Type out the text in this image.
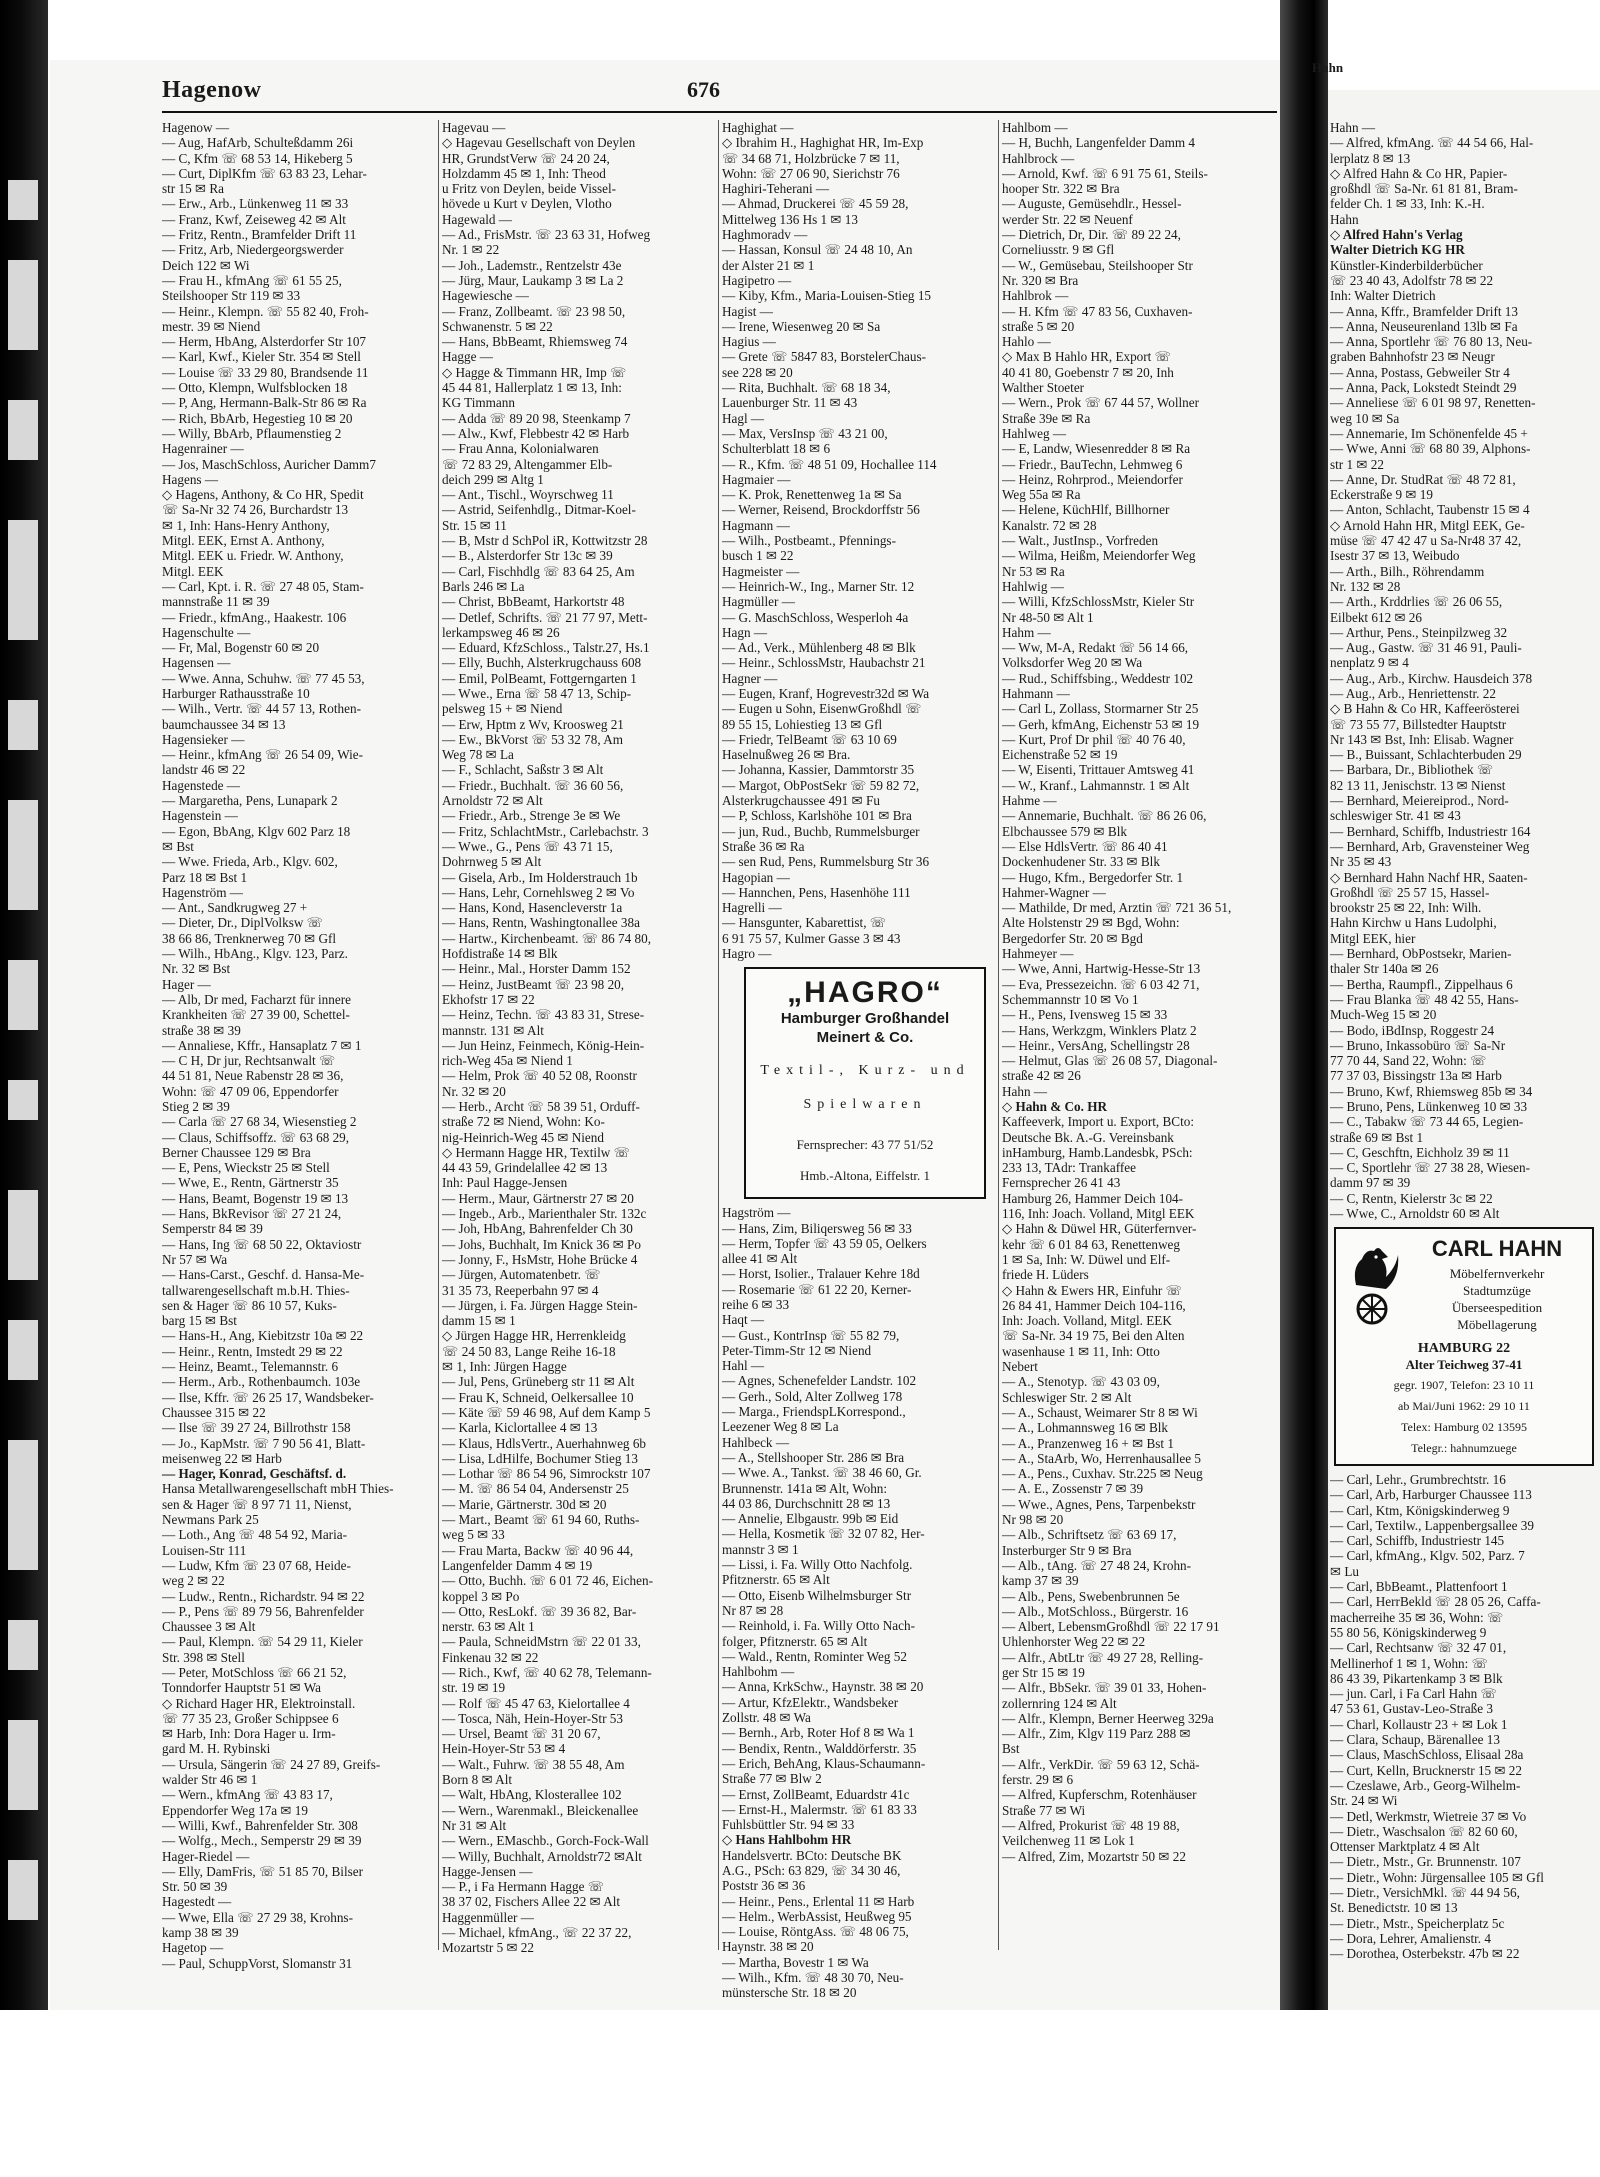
Hahn
Hagenow	676
Hagenow —
— Aug, HafArb, Schulteßdamm 26i
— C, Kfm ☏ 68 53 14, Hikeberg 5
— Curt, DiplKfm ☏ 63 83 23, Lehar-
str 15 ✉ Ra
— Erw., Arb., Lünkenweg 11 ✉ 33
— Franz, Kwf, Zeiseweg 42 ✉ Alt
— Fritz, Rentn., Bramfelder Drift 11
— Fritz, Arb, Niedergeorgswerder
Deich 122 ✉ Wi
— Frau H., kfmAng ☏ 61 55 25,
Steilshooper Str 119 ✉ 33
— Heinr., Klempn. ☏ 55 82 40, Froh-
mestr. 39 ✉ Niend
— Herm, HbAng, Alsterdorfer Str 107
— Karl, Kwf., Kieler Str. 354 ✉ Stell
— Louise ☏ 33 29 80, Brandsende 11
— Otto, Klempn, Wulfsblocken 18
— P, Ang, Hermann-Balk-Str 86 ✉ Ra
— Rich, BbArb, Hegestieg 10 ✉ 20
— Willy, BbArb, Pflaumenstieg 2
Hagenrainer —
— Jos, MaschSchloss, Auricher Damm7
Hagens —
◇ Hagens, Anthony, & Co HR, Spedit
☏ Sa-Nr 32 74 26, Burchardstr 13
✉ 1, Inh: Hans-Henry Anthony,
Mitgl. EEK, Ernst A. Anthony,
Mitgl. EEK u. Friedr. W. Anthony,
Mitgl. EEK
— Carl, Kpt. i. R. ☏ 27 48 05, Stam-
mannstraße 11 ✉ 39
— Friedr., kfmAng., Haakestr. 106
Hagenschulte —
— Fr, Mal, Bogenstr 60 ✉ 20
Hagensen —
— Wwe. Anna, Schuhw. ☏ 77 45 53,
Harburger Rathausstraße 10
— Wilh., Vertr. ☏ 44 57 13, Rothen-
baumchaussee 34 ✉ 13
Hagensieker —
— Heinr., kfmAng ☏ 26 54 09, Wie-
landstr 46 ✉ 22
Hagenstede —
— Margaretha, Pens, Lunapark 2
Hagenstein —
— Egon, BbAng, Klgv 602 Parz 18
✉ Bst
— Wwe. Frieda, Arb., Klgv. 602,
Parz 18 ✉ Bst 1
Hagenström —
— Ant., Sandkrugweg 27 +
— Dieter, Dr., DiplVolksw ☏
38 66 86, Trenknerweg 70 ✉ Gfl
— Wilh., HbAng., Klgv. 123, Parz.
Nr. 32 ✉ Bst
Hager —
— Alb, Dr med, Facharzt für innere
Krankheiten ☏ 27 39 00, Schettel-
straße 38 ✉ 39
— Annaliese, Kffr., Hansaplatz 7 ✉ 1
— C H, Dr jur, Rechtsanwalt ☏
44 51 81, Neue Rabenstr 28 ✉ 36,
Wohn: ☏ 47 09 06, Eppendorfer
Stieg 2 ✉ 39
— Carla ☏ 27 68 34, Wiesenstieg 2
— Claus, Schiffsoffz. ☏ 63 68 29,
Berner Chaussee 129 ✉ Bra
— E, Pens, Wieckstr 25 ✉ Stell
— Wwe, E., Rentn, Gärtnerstr 35
— Hans, Beamt, Bogenstr 19 ✉ 13
— Hans, BkRevisor ☏ 27 21 24,
Semperstr 84 ✉ 39
— Hans, Ing ☏ 68 50 22, Oktaviostr
Nr 57 ✉ Wa
— Hans-Carst., Geschf. d. Hansa-Me-
tallwarengesellschaft m.b.H. Thies-
sen & Hager ☏ 86 10 57, Kuks-
barg 15 ✉ Bst
— Hans-H., Ang, Kiebitzstr 10a ✉ 22
— Heinr., Rentn, Imstedt 29 ✉ 22
— Heinz, Beamt., Telemannstr. 6
— Herm., Arb., Rothenbaumch. 103e
— Ilse, Kffr. ☏ 26 25 17, Wandsbeker-
Chaussee 315 ✉ 22
— Ilse ☏ 39 27 24, Billrothstr 158
— Jo., KapMstr. ☏ 7 90 56 41, Blatt-
meisenweg 22 ✉ Harb
— Hager, Konrad, Geschäftsf. d.
Hansa Metallwarengesellschaft mbH Thies-
sen & Hager ☏ 8 97 71 11, Nienst,
Newmans Park 25
— Loth., Ang ☏ 48 54 92, Maria-
Louisen-Str 111
— Ludw, Kfm ☏ 23 07 68, Heide-
weg 2 ✉ 22
— Ludw., Rentn., Richardstr. 94 ✉ 22
— P., Pens ☏ 89 79 56, Bahrenfelder
Chaussee 3 ✉ Alt
— Paul, Klempn. ☏ 54 29 11, Kieler
Str. 398 ✉ Stell
— Peter, MotSchloss ☏ 66 21 52,
Tonndorfer Hauptstr 51 ✉ Wa
◇ Richard Hager HR, Elektroinstall.
☏ 77 35 23, Großer Schippsee 6
✉ Harb, Inh: Dora Hager u. Irm-
gard M. H. Rybinski
— Ursula, Sängerin ☏ 24 27 89, Greifs-
walder Str 46 ✉ 1
— Wern., kfmAng ☏ 43 83 17,
Eppendorfer Weg 17a ✉ 19
— Willi, Kwf., Bahrenfelder Str. 308
— Wolfg., Mech., Semperstr 29 ✉ 39
Hager-Riedel —
— Elly, DamFris, ☏ 51 85 70, Bilser
Str. 50 ✉ 39
Hagestedt —
— Wwe, Ella ☏ 27 29 38, Krohns-
kamp 38 ✉ 39
Hagetop —
— Paul, SchuppVorst, Slomanstr 31
Hagevau —
◇ Hagevau Gesellschaft von Deylen
HR, GrundstVerw ☏ 24 20 24,
Holzdamm 45 ✉ 1, Inh: Theod
u Fritz von Deylen, beide Vissel-
hövede u Kurt v Deylen, Vlotho
Hagewald —
— Ad., FrisMstr. ☏ 23 63 31, Hofweg
Nr. 1 ✉ 22
— Joh., Lademstr., Rentzelstr 43e
— Jürg, Maur, Laukamp 3 ✉ La 2
Hagewiesche —
— Franz, Zollbeamt. ☏ 23 98 50,
Schwanenstr. 5 ✉ 22
— Hans, BbBeamt, Rhiemsweg 74
Hagge —
◇ Hagge & Timmann HR, Imp ☏
45 44 81, Hallerplatz 1 ✉ 13, Inh:
KG Timmann
— Adda ☏ 89 20 98, Steenkamp 7
— Alw., Kwf, Flebbestr 42 ✉ Harb
— Frau Anna, Kolonialwaren
☏ 72 83 29, Altengammer Elb-
deich 299 ✉ Altg 1
— Ant., Tischl., Woyrschweg 11
— Astrid, Seifenhdlg., Ditmar-Koel-
Str. 15 ✉ 11
— B, Mstr d SchPol iR, Kottwitzstr 28
— B., Alsterdorfer Str 13c ✉ 39
— Carl, Fischhdlg ☏ 83 64 25, Am
Barls 246 ✉ La
— Christ, BbBeamt, Harkortstr 48
— Detlef, Schrifts. ☏ 21 77 97, Mett-
lerkampsweg 46 ✉ 26
— Eduard, KfzSchloss., Talstr.27, Hs.1
— Elly, Buchh, Alsterkrugchauss 608
— Emil, PolBeamt, Fottgerngarten 1
— Wwe., Erna ☏ 58 47 13, Schip-
pelsweg 15 + ✉ Niend
— Erw, Hptm z Wv, Kroosweg 21
— Ew., BkVorst ☏ 53 32 78, Am
Weg 78 ✉ La
— F., Schlacht, Saßstr 3 ✉ Alt
— Friedr., Buchhalt. ☏ 36 60 56,
Arnoldstr 72 ✉ Alt
— Friedr., Arb., Strenge 3e ✉ We
— Fritz, SchlachtMstr., Carlebachstr. 3
— Wwe., G., Pens ☏ 43 71 15,
Dohrnweg 5 ✉ Alt
— Gisela, Arb., Im Holderstrauch 1b
— Hans, Lehr, Cornehlsweg 2 ✉ Vo
— Hans, Kond, Hasencleverstr 1a
— Hans, Rentn, Washingtonallee 38a
— Hartw., Kirchenbeamt. ☏ 86 74 80,
Hofdistraße 14 ✉ Blk
— Heinr., Mal., Horster Damm 152
— Heinz, JustBeamt ☏ 23 98 20,
Ekhofstr 17 ✉ 22
— Heinz, Techn. ☏ 43 83 31, Strese-
mannstr. 131 ✉ Alt
— Jun Heinz, Feinmech, König-Hein-
rich-Weg 45a ✉ Niend 1
— Helm, Prok ☏ 40 52 08, Roonstr
Nr. 32 ✉ 20
— Herb., Archt ☏ 58 39 51, Orduff-
straße 72 ✉ Niend, Wohn: Ko-
nig-Heinrich-Weg 45 ✉ Niend
◇ Hermann Hagge HR, Textilw ☏
44 43 59, Grindelallee 42 ✉ 13
Inh: Paul Hagge-Jensen
— Herm., Maur, Gärtnerstr 27 ✉ 20
— Ingeb., Arb., Marienthaler Str. 132c
— Joh, HbAng, Bahrenfelder Ch 30
— Johs, Buchhalt, Im Knick 36 ✉ Po
— Jonny, F., HsMstr, Hohe Brücke 4
— Jürgen, Automatenbetr. ☏
31 35 73, Reeperbahn 97 ✉ 4
— Jürgen, i. Fa. Jürgen Hagge Stein-
damm 15 ✉ 1
◇ Jürgen Hagge HR, Herrenkleidg
☏ 24 50 83, Lange Reihe 16-18
✉ 1, Inh: Jürgen Hagge
— Jul, Pens, Grüneberg str 11 ✉ Alt
— Frau K, Schneid, Oelkersallee 10
— Käte ☏ 59 46 98, Auf dem Kamp 5
— Karla, Kiclortallee 4 ✉ 13
— Klaus, HdlsVertr., Auerhahnweg 6b
— Lisa, LdHilfe, Bochumer Stieg 13
— Lothar ☏ 86 54 96, Simrockstr 107
— M. ☏ 86 54 04, Andersenstr 25
— Marie, Gärtnerstr. 30d ✉ 20
— Mart., Beamt ☏ 61 94 60, Ruths-
weg 5 ✉ 33
— Frau Marta, Backw ☏ 40 96 44,
Langenfelder Damm 4 ✉ 19
— Otto, Buchh. ☏ 6 01 72 46, Eichen-
koppel 3 ✉ Po
— Otto, ResLokf. ☏ 39 36 82, Bar-
nerstr. 63 ✉ Alt 1
— Paula, SchneidMstrn ☏ 22 01 33,
Finkenau 32 ✉ 22
— Rich., Kwf, ☏ 40 62 78, Telemann-
str. 19 ✉ 19
— Rolf ☏ 45 47 63, Kielortallee 4
— Tosca, Näh, Hein-Hoyer-Str 53
— Ursel, Beamt ☏ 31 20 67,
Hein-Hoyer-Str 53 ✉ 4
— Walt., Fuhrw. ☏ 38 55 48, Am
Born 8 ✉ Alt
— Walt, HbAng, Klosterallee 102
— Wern., Warenmakl., Bleickenallee
Nr 31 ✉ Alt
— Wern., EMaschb., Gorch-Fock-Wall
— Willy, Buchhalt, Arnoldstr72 ✉Alt
Hagge-Jensen —
— P., i Fa Hermann Hagge ☏
38 37 02, Fischers Allee 22 ✉ Alt
Haggenmüller —
— Michael, kfmAng., ☏ 22 37 22,
Mozartstr 5 ✉ 22
Haghighat —
◇ Ibrahim H., Haghighat HR, Im-Exp
☏ 34 68 71, Holzbrücke 7 ✉ 11,
Wohn: ☏ 27 06 90, Sierichstr 76
Haghiri-Teherani —
— Ahmad, Druckerei ☏ 45 59 28,
Mittelweg 136 Hs 1 ✉ 13
Haghmoradv —
— Hassan, Konsul ☏ 24 48 10, An
der Alster 21 ✉ 1
Hagipetro —
— Kiby, Kfm., Maria-Louisen-Stieg 15
Hagist —
— Irene, Wiesenweg 20 ✉ Sa
Hagius —
— Grete ☏ 5847 83, BorstelerChaus-
see 228 ✉ 20
— Rita, Buchhalt. ☏ 68 18 34,
Lauenburger Str. 11 ✉ 43
Hagl —
— Max, VersInsp ☏ 43 21 00,
Schulterblatt 18 ✉ 6
— R., Kfm. ☏ 48 51 09, Hochallee 114
Hagmaier —
— K. Prok, Renettenweg 1a ✉ Sa
— Werner, Reisend, Brockdorffstr 56
Hagmann —
— Wilh., Postbeamt., Pfennings-
busch 1 ✉ 22
Hagmeister —
— Heinrich-W., Ing., Marner Str. 12
Hagmüller —
— G. MaschSchloss, Wesperloh 4a
Hagn —
— Ad., Verk., Mühlenberg 48 ✉ Blk
— Heinr., SchlossMstr, Haubachstr 21
Hagner —
— Eugen, Kranf, Hogrevestr32d ✉ Wa
— Eugen u Sohn, EisenwGroßhdl ☏
89 55 15, Lohiestieg 13 ✉ Gfl
— Friedr, TelBeamt ☏ 63 10 69
Haselnußweg 26 ✉ Bra.
— Johanna, Kassier, Dammtorstr 35
— Margot, ObPostSekr ☏ 59 82 72,
Alsterkrugchaussee 491 ✉ Fu
— P, Schloss, Karlshöhe 101 ✉ Bra
— jun, Rud., Buchb, Rummelsburger
Straße 36 ✉ Ra
— sen Rud, Pens, Rummelsburg Str 36
Hagopian —
— Hannchen, Pens, Hasenhöhe 111
Hagrelli —
— Hansgunter, Kabarettist, ☏
6 91 75 57, Kulmer Gasse 3 ✉ 43
Hagro —
„HAGRO“
Hamburger Großhandel
Meinert & Co.
Textil-, Kurz- und
Spielwaren
Fernsprecher: 43 77 51/52
Hmb.-Altona, Eiffelstr. 1
Hagström —
— Hans, Zim, Biliqersweg 56 ✉ 33
— Herm, Topfer ☏ 43 59 05, Oelkers
allee 41 ✉ Alt
— Horst, Isolier., Tralauer Kehre 18d
— Rosemarie ☏ 61 22 20, Kerner-
reihe 6 ✉ 33
Haqt —
— Gust., KontrInsp ☏ 55 82 79,
Peter-Timm-Str 12 ✉ Niend
Hahl —
— Agnes, Schenefelder Landstr. 102
— Gerh., Sold, Alter Zollweg 178
— Marga., FriendspLKorrespond.,
Leezener Weg 8 ✉ La
Hahlbeck —
— A., Stellshooper Str. 286 ✉ Bra
— Wwe. A., Tankst. ☏ 38 46 60, Gr.
Brunnenstr. 141a ✉ Alt, Wohn:
44 03 86, Durchschnitt 28 ✉ 13
— Annelie, Elbgaustr. 99b ✉ Eid
— Hella, Kosmetik ☏ 32 07 82, Her-
mannstr 3 ✉ 1
— Lissi, i. Fa. Willy Otto Nachfolg.
Pfitznerstr. 65 ✉ Alt
— Otto, Eisenb Wilhelmsburger Str
Nr 87 ✉ 28
— Reinhold, i. Fa. Willy Otto Nach-
folger, Pfitznerstr. 65 ✉ Alt
— Wald., Rentn, Rominter Weg 52
Hahlbohm —
— Anna, KrkSchw., Haynstr. 38 ✉ 20
— Artur, KfzElektr., Wandsbeker
Zollstr. 48 ✉ Wa
— Bernh., Arb, Roter Hof 8 ✉ Wa 1
— Bendix, Rentn., Walddörferstr. 35
— Erich, BehAng, Klaus-Schaumann-
Straße 77 ✉ Blw 2
— Ernst, ZollBeamt, Eduardstr 41c
— Ernst-H., Malermstr. ☏ 61 83 33
Fuhlsbüttler Str. 94 ✉ 33
◇ Hans Hahlbohm HR
Handelsvertr. BCto: Deutsche BK
A.G., PSch: 63 829, ☏ 34 30 46,
Poststr 36 ✉ 36
— Heinr., Pens., Erlental 11 ✉ Harb
— Helm., WerbAssist, Heußweg 95
— Louise, RöntgAss. ☏ 48 06 75,
Haynstr. 38 ✉ 20
— Martha, Bovestr 1 ✉ Wa
— Wilh., Kfm. ☏ 48 30 70, Neu-
münstersche Str. 18 ✉ 20
Hahlbom —
— H, Buchh, Langenfelder Damm 4
Hahlbrock —
— Arnold, Kwf. ☏ 6 91 75 61, Steils-
hooper Str. 322 ✉ Bra
— Auguste, Gemüsehdlr., Hessel-
werder Str. 22 ✉ Neuenf
— Dietrich, Dr, Dir. ☏ 89 22 24,
Corneliusstr. 9 ✉ Gfl
— W., Gemüsebau, Steilshooper Str
Nr. 320 ✉ Bra
Hahlbrok —
— H. Kfm ☏ 47 83 56, Cuxhaven-
straße 5 ✉ 20
Hahlo —
◇ Max B Hahlo HR, Export ☏
40 41 80, Goebenstr 7 ✉ 20, Inh
Walther Stoeter
— Wern., Prok ☏ 67 44 57, Wollner
Straße 39e ✉ Ra
Hahlweg —
— E, Landw, Wiesenredder 8 ✉ Ra
— Friedr., BauTechn, Lehmweg 6
— Heinz, Rohrprod., Meiendorfer
Weg 55a ✉ Ra
— Helene, KüchHlf, Billhorner
Kanalstr. 72 ✉ 28
— Walt., JustInsp., Vorfreden
— Wilma, Heißm, Meiendorfer Weg
Nr 53 ✉ Ra
Hahlwig —
— Willi, KfzSchlossMstr, Kieler Str
Nr 48-50 ✉ Alt 1
Hahm —
— Ww, M-A, Redakt ☏ 56 14 66,
Volksdorfer Weg 20 ✉ Wa
— Rud., Schiffsbing., Weddestr 102
Hahmann —
— Carl L, Zollass, Stormarner Str 25
— Gerh, kfmAng, Eichenstr 53 ✉ 19
— Kurt, Prof Dr phil ☏ 40 76 40,
Eichenstraße 52 ✉ 19
— W, Eisenti, Trittauer Amtsweg 41
— W., Kranf., Lahmannstr. 1 ✉ Alt
Hahme —
— Annemarie, Buchhalt. ☏ 86 26 06,
Elbchaussee 579 ✉ Blk
— Else HdlsVertr. ☏ 86 40 41
Dockenhudener Str. 33 ✉ Blk
— Hugo, Kfm., Bergedorfer Str. 1
Hahmer-Wagner —
— Mathilde, Dr med, Arztin ☏ 721 36 51,
Alte Holstenstr 29 ✉ Bgd, Wohn:
Bergedorfer Str. 20 ✉ Bgd
Hahmeyer —
— Wwe, Anni, Hartwig-Hesse-Str 13
— Eva, Pressezeichn. ☏ 6 03 42 71,
Schemmannstr 10 ✉ Vo 1
— H., Pens, Ivensweg 15 ✉ 33
— Hans, Werkzgm, Winklers Platz 2
— Heinr., VersAng, Schellingstr 28
— Helmut, Glas ☏ 26 08 57, Diagonal-
straße 42 ✉ 26
Hahn —
◇ Hahn & Co. HR
Kaffeeverk, Import u. Export, BCto:
Deutsche Bk. A.-G. Vereinsbank
inHamburg, Hamb.Landesbk, PSch:
233 13, TAdr: Trankaffee
Fernsprecher 26 41 43
Hamburg 26, Hammer Deich 104-
116, Inh: Joach. Volland, Mitgl EEK
◇ Hahn & Düwel HR, Güterfernver-
kehr ☏ 6 01 84 63, Renettenweg
1 ✉ Sa, Inh: W. Düwel und Elf-
friede H. Lüders
◇ Hahn & Ewers HR, Einfuhr ☏
26 84 41, Hammer Deich 104-116,
Inh: Joach. Volland, Mitgl. EEK
☏ Sa-Nr. 34 19 75, Bei den Alten
wasenhause 1 ✉ 11, Inh: Otto
Nebert
— A., Stenotyp. ☏ 43 03 09,
Schleswiger Str. 2 ✉ Alt
— A., Schaust, Weimarer Str 8 ✉ Wi
— A., Lohmannsweg 16 ✉ Blk
— A., Pranzenweg 16 + ✉ Bst 1
— A., StaArb, Wo, Herrenhausallee 5
— A., Pens., Cuxhav. Str.225 ✉ Neug
— A. E., Zossenstr 7 ✉ 39
— Wwe., Agnes, Pens, Tarpenbekstr
Nr 98 ✉ 20
— Alb., Schriftsetz ☏ 63 69 17,
Insterburger Str 9 ✉ Bra
— Alb., tAng. ☏ 27 48 24, Krohn-
kamp 37 ✉ 39
— Alb., Pens, Swebenbrunnen 5e
— Alb., MotSchloss., Bürgerstr. 16
— Albert, LebensmGroßhdl ☏ 22 17 91
Uhlenhorster Weg 22 ✉ 22
— Alfr., AbtLtr ☏ 49 27 28, Relling-
ger Str 15 ✉ 19
— Alfr., BbSekr. ☏ 39 01 33, Hohen-
zollernring 124 ✉ Alt
— Alfr., Klempn, Berner Heerweg 329a
— Alfr., Zim, Klgv 119 Parz 288 ✉
Bst
— Alfr., VerkDir. ☏ 59 63 12, Schä-
ferstr. 29 ✉ 6
— Alfred, Kupferschm, Rotenhäuser
Straße 77 ✉ Wi
— Alfred, Prokurist ☏ 48 19 88,
Veilchenweg 11 ✉ Lok 1
— Alfred, Zim, Mozartstr 50 ✉ 22
Hahn —
— Alfred, kfmAng. ☏ 44 54 66, Hal-
lerplatz 8 ✉ 13
◇ Alfred Hahn & Co HR, Papier-
großhdl ☏ Sa-Nr. 61 81 81, Bram-
felder Ch. 1 ✉ 33, Inh: K.-H.
Hahn
◇ Alfred Hahn's Verlag
Walter Dietrich KG HR
Künstler-Kinderbilderbücher
☏ 23 40 43, Adolfstr 78 ✉ 22
Inh: Walter Dietrich
— Anna, Kffr., Bramfelder Drift 13
— Anna, Neuseurenland 13lb ✉ Fa
— Anna, Sportlehr ☏ 76 80 13, Neu-
graben Bahnhofstr 23 ✉ Neugr
— Anna, Postass, Gebweiler Str 4
— Anna, Pack, Lokstedt Steindt 29
— Anneliese ☏ 6 01 98 97, Renetten-
weg 10 ✉ Sa
— Annemarie, Im Schönenfelde 45 +
— Wwe, Anni ☏ 68 80 39, Alphons-
str 1 ✉ 22
— Anne, Dr. StudRat ☏ 48 72 81,
Eckerstraße 9 ✉ 19
— Anton, Schlacht, Taubenstr 15 ✉ 4
◇ Arnold Hahn HR, Mitgl EEK, Ge-
müse ☏ 47 42 47 u Sa-Nr48 37 42,
Isestr 37 ✉ 13, Weibudo
— Arth., Bilh., Röhrendamm
Nr. 132 ✉ 28
— Arth., Krddrlies ☏ 26 06 55,
Eilbekt 612 ✉ 26
— Arthur, Pens., Steinpilzweg 32
— Aug., Gastw. ☏ 31 46 91, Pauli-
nenplatz 9 ✉ 4
— Aug., Arb., Kirchw. Hausdeich 378
— Aug., Arb., Henriettenstr. 22
◇ B Hahn & Co HR, Kaffeerösterei
☏ 73 55 77, Billstedter Hauptstr
Nr 143 ✉ Bst, Inh: Elisab. Wagner
— B., Buissant, Schlachterbuden 29
— Barbara, Dr., Bibliothek ☏
82 13 11, Jenischstr. 13 ✉ Nienst
— Bernhard, Meiereiprod., Nord-
schleswiger Str. 41 ✉ 43
— Bernhard, Schiffb, Industriestr 164
— Bernhard, Arb, Gravensteiner Weg
Nr 35 ✉ 43
◇ Bernhard Hahn Nachf HR, Saaten-
Großhdl ☏ 25 57 15, Hassel-
brookstr 25 ✉ 22, Inh: Wilh.
Hahn Kirchw u Hans Ludolphi,
Mitgl EEK, hier
— Bernhard, ObPostsekr, Marien-
thaler Str 140a ✉ 26
— Bertha, Raumpfl., Zippelhaus 6
— Frau Blanka ☏ 48 42 55, Hans-
Much-Weg 15 ✉ 20
— Bodo, iBdInsp, Roggestr 24
— Bruno, Inkassobüro ☏ Sa-Nr
77 70 44, Sand 22, Wohn: ☏
77 37 03, Bissingstr 13a ✉ Harb
— Bruno, Kwf, Rhiemsweg 85b ✉ 34
— Bruno, Pens, Lünkenweg 10 ✉ 33
— C., Tabakw ☏ 73 44 65, Legien-
straße 69 ✉ Bst 1
— C, Geschftn, Eichholz 39 ✉ 11
— C, Sportlehr ☏ 27 38 28, Wiesen-
damm 97 ✉ 39
— C, Rentn, Kielerstr 3c ✉ 22
— Wwe, C., Arnoldstr 60 ✉ Alt
CARL HAHN
Möbelfernverkehr
Stadtumzüge
Überseespedition
Möbellagerung
HAMBURG 22
Alter Teichweg 37-41
gegr. 1907, Telefon: 23 10 11
ab Mai/Juni 1962: 29 10 11
Telex: Hamburg 02 13595
Telegr.: hahnumzuege
— Carl, Lehr., Grumbrechtstr. 16
— Carl, Arb, Harburger Chaussee 113
— Carl, Ktm, Königskinderweg 9
— Carl, Textilw., Lappenbergsallee 39
— Carl, Schiffb, Industriestr 145
— Carl, kfmAng., Klgv. 502, Parz. 7
✉ Lu
— Carl, BbBeamt., Plattenfoort 1
— Carl, HerrBekld ☏ 28 05 26, Caffa-
macherreihe 35 ✉ 36, Wohn: ☏
55 80 56, Königskinderweg 9
— Carl, Rechtsanw ☏ 32 47 01,
Mellinerhof 1 ✉ 1, Wohn: ☏
86 43 39, Pikartenkamp 3 ✉ Blk
— jun. Carl, i Fa Carl Hahn ☏
47 53 61, Gustav-Leo-Straße 3
— Charl, Kollaustr 23 + ✉ Lok 1
— Clara, Schaup, Bärenallee 13
— Claus, MaschSchloss, Elisaal 28a
— Curt, Kelln, Brucknerstr 15 ✉ 22
— Czeslawe, Arb., Georg-Wilhelm-
Str. 24 ✉ Wi
— Detl, Werkmstr, Wietreie 37 ✉ Vo
— Dietr., Waschsalon ☏ 82 60 60,
Ottenser Marktplatz 4 ✉ Alt
— Dietr., Mstr., Gr. Brunnenstr. 107
— Dietr., Wohn: Jürgensallee 105 ✉ Gfl
— Dietr., VersichMkl. ☏ 44 94 56,
St. Benedictstr. 10 ✉ 13
— Dietr., Mstr., Speicherplatz 5c
— Dora, Lehrer, Amalienstr. 4
— Dorothea, Osterbekstr. 47b ✉ 22
